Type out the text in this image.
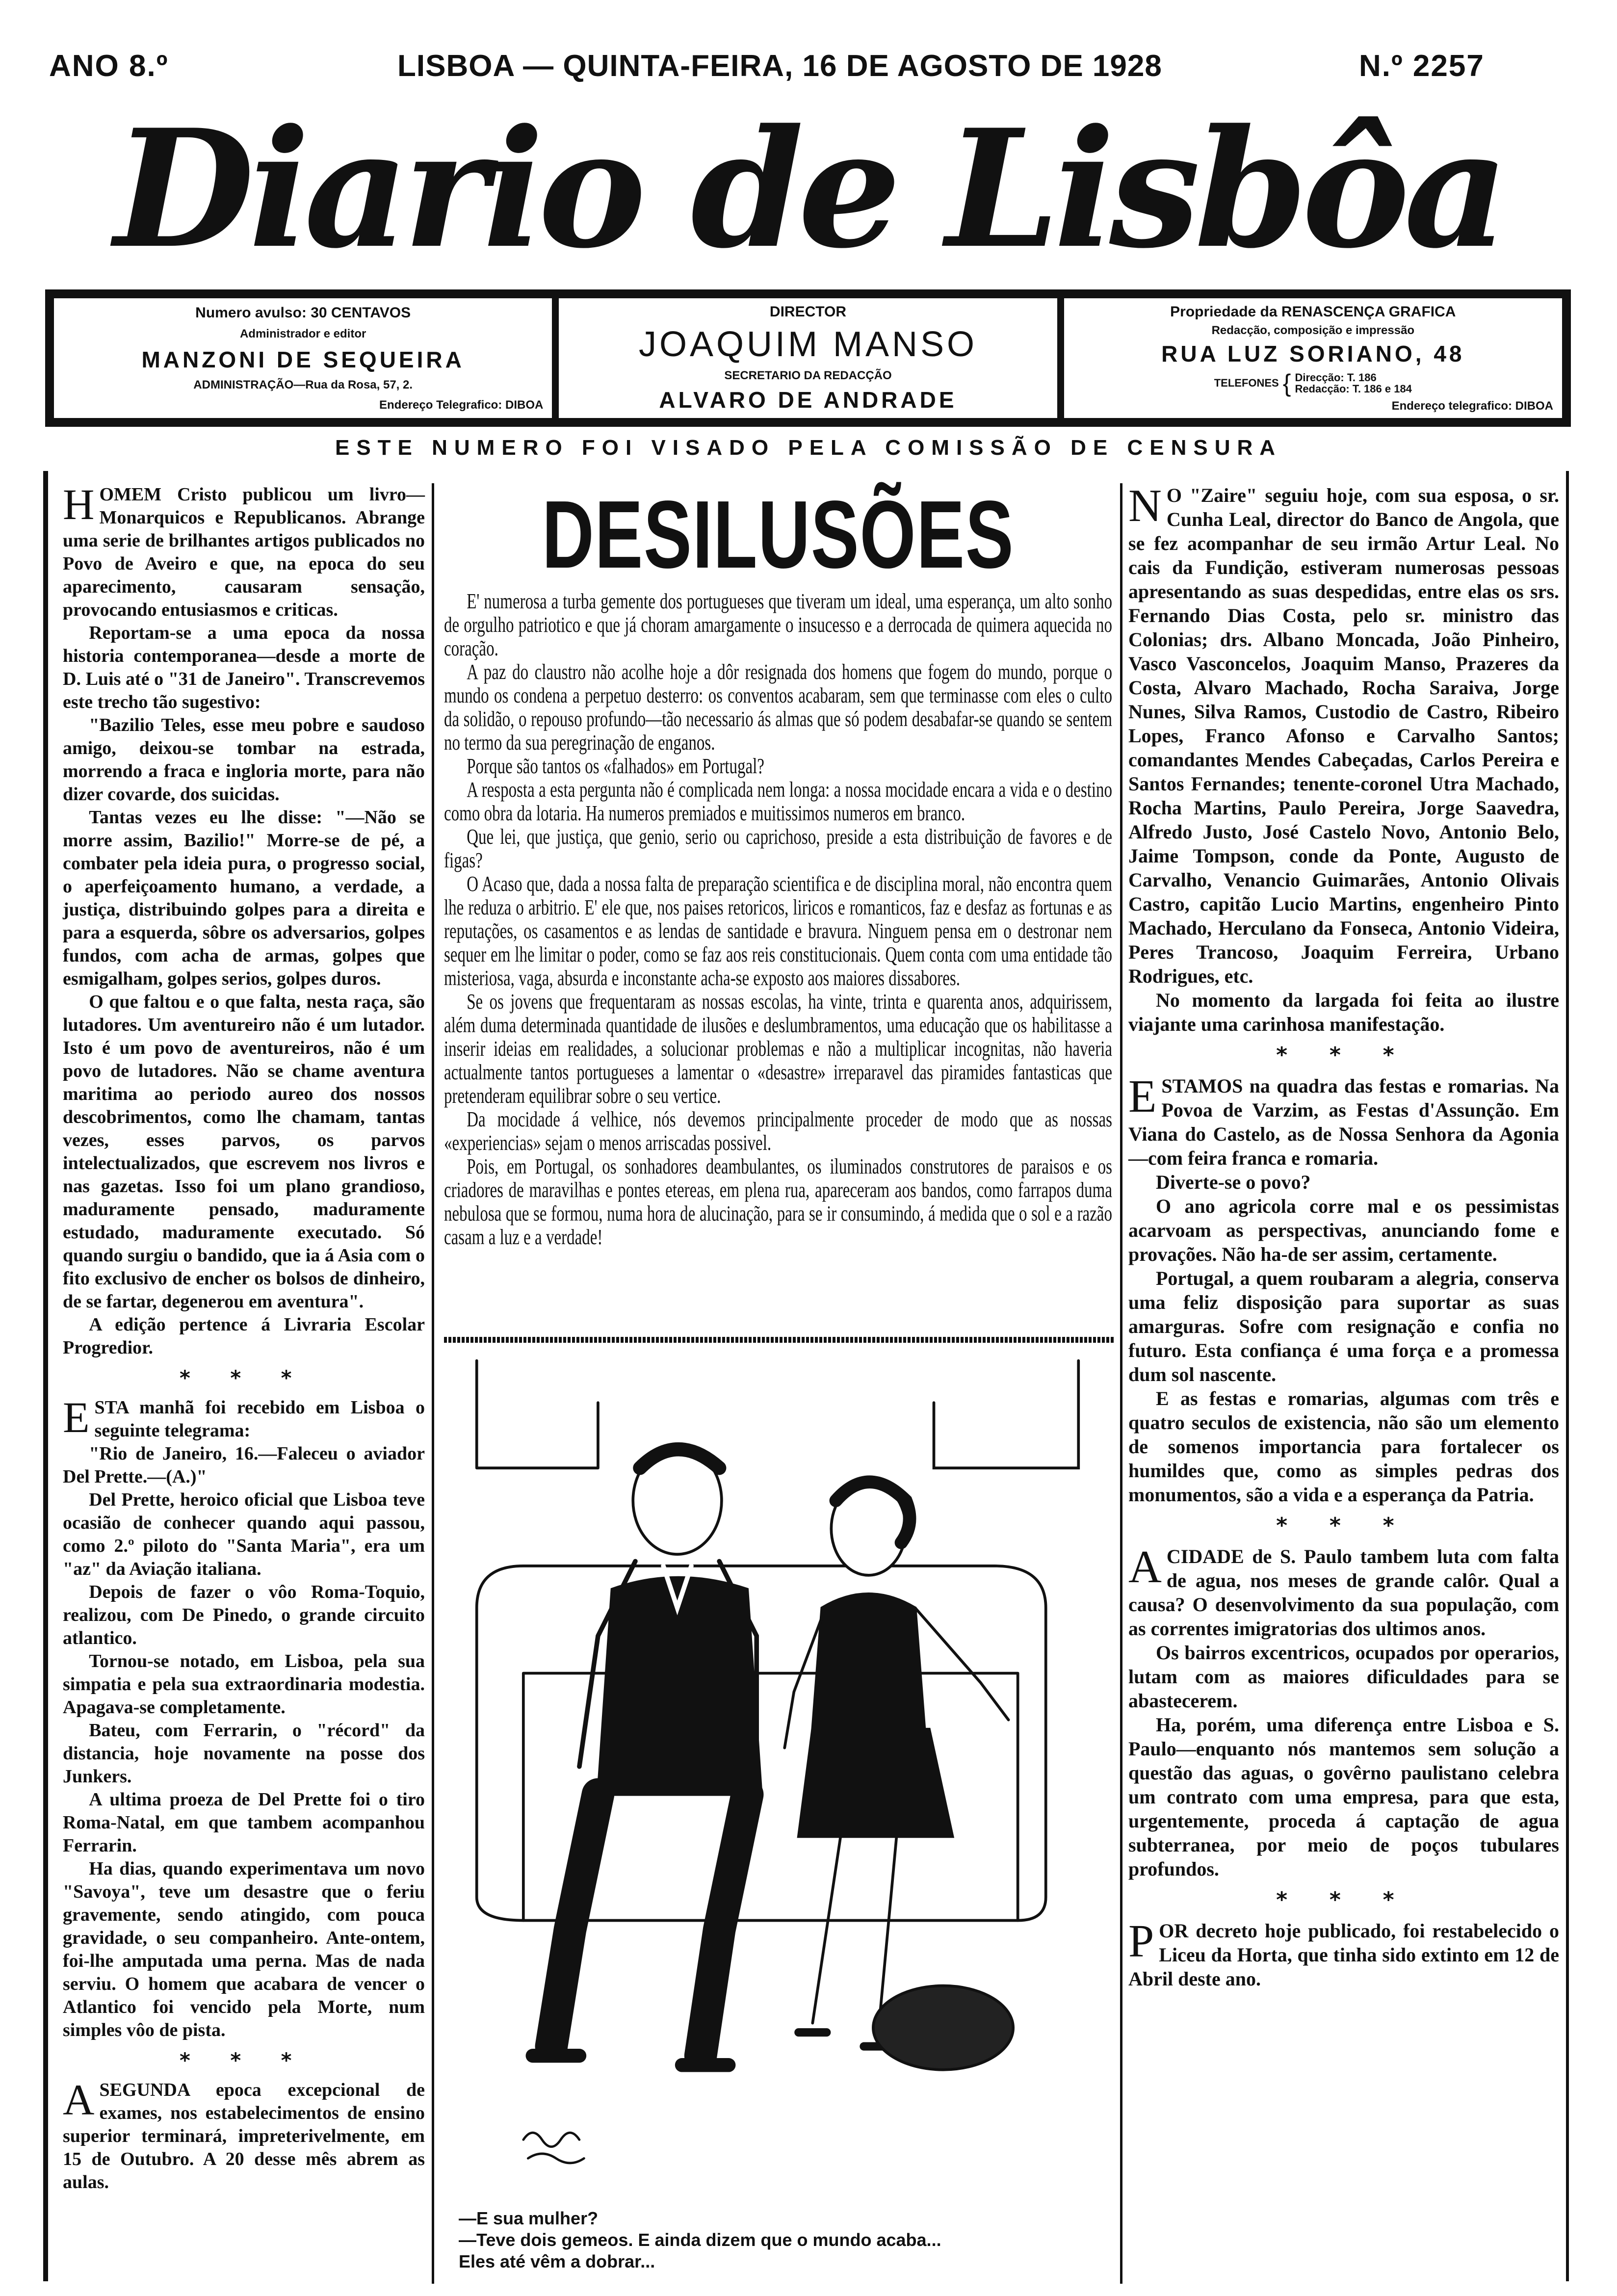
ANO 8.º	LISBOA — QUINTA-FEIRA, 16 DE AGOSTO DE 1928	N.º 2257
Diario de Lisbôa
Numero avulso: 30 CENTAVOS
Administrador e editor
MANZONI DE SEQUEIRA
ADMINISTRAÇÃO—Rua da Rosa, 57, 2.
Endereço Telegrafico: DIBOA
DIRECTOR
JOAQUIM MANSO
SECRETARIO DA REDACÇÃO
ALVARO DE ANDRADE
Propriedade da RENASCENÇA GRAFICA
Redacção, composição e impressão
RUA LUZ SORIANO, 48
TELEFONES { Direcção: T. 186
Redacção: T. 186 e 184
Endereço telegrafico: DIBOA
ESTE NUMERO FOI VISADO PELA COMISSÃO DE CENSURA

HOMEM Cristo publicou um livro—Monarquicos e Republicanos. Abrange uma serie de brilhantes artigos publicados no Povo de Aveiro e que, na epoca do seu aparecimento, causaram sensação, provocando entusiasmos e criticas.

Reportam-se a uma epoca da nossa historia contemporanea—desde a morte de D. Luis até o "31 de Janeiro". Transcrevemos este trecho tão sugestivo:

"Bazilio Teles, esse meu pobre e saudoso amigo, deixou-se tombar na estrada, morrendo a fraca e ingloria morte, para não dizer covarde, dos suicidas.

Tantas vezes eu lhe disse: "—Não se morre assim, Bazilio!" Morre-se de pé, a combater pela ideia pura, o progresso social, o aperfeiçoamento humano, a verdade, a justiça, distribuindo golpes para a direita e para a esquerda, sôbre os adversarios, golpes fundos, com acha de armas, golpes que esmigalham, golpes serios, golpes duros.

O que faltou e o que falta, nesta raça, são lutadores. Um aventureiro não é um lutador. Isto é um povo de aventureiros, não é um povo de lutadores. Não se chame aventura maritima ao periodo aureo dos nossos descobrimentos, como lhe chamam, tantas vezes, esses parvos, os parvos intelectualizados, que escrevem nos livros e nas gazetas. Isso foi um plano grandioso, maduramente pensado, maduramente estudado, maduramente executado. Só quando surgiu o bandido, que ia á Asia com o fito exclusivo de encher os bolsos de dinheiro, de se fartar, degenerou em aventura".

A edição pertence á Livraria Escolar Progredior.

* * *

ESTA manhã foi recebido em Lisboa o seguinte telegrama:

"Rio de Janeiro, 16.—Faleceu o aviador Del Prette.—(A.)"

Del Prette, heroico oficial que Lisboa teve ocasião de conhecer quando aqui passou, como 2.º piloto do "Santa Maria", era um "az" da Aviação italiana.

Depois de fazer o vôo Roma-Toquio, realizou, com De Pinedo, o grande circuito atlantico.

Tornou-se notado, em Lisboa, pela sua simpatia e pela sua extraordinaria modestia. Apagava-se completamente.

Bateu, com Ferrarin, o "récord" da distancia, hoje novamente na posse dos Junkers.

A ultima proeza de Del Prette foi o tiro Roma-Natal, em que tambem acompanhou Ferrarin.

Ha dias, quando experimentava um novo "Savoya", teve um desastre que o feriu gravemente, sendo atingido, com pouca gravidade, o seu companheiro. Ante-ontem, foi-lhe amputada uma perna. Mas de nada serviu. O homem que acabara de vencer o Atlantico foi vencido pela Morte, num simples vôo de pista.

* * *

A SEGUNDA epoca excepcional de exames, nos estabelecimentos de ensino superior terminará, impreterivelmente, em 15 de Outubro. A 20 desse mês abrem as aulas.

DESILUSÕES

E' numerosa a turba gemente dos portugueses que tiveram um ideal, uma esperança, um alto sonho de orgulho patriotico e que já choram amargamente o insucesso e a derrocada de quimera aquecida no coração.

A paz do claustro não acolhe hoje a dôr resignada dos homens que fogem do mundo, porque o mundo os condena a perpetuo desterro: os conventos acabaram, sem que terminasse com eles o culto da solidão, o repouso profundo—tão necessario ás almas que só podem desabafar-se quando se sentem no termo da sua peregrinação de enganos.

Porque são tantos os «falhados» em Portugal?

A resposta a esta pergunta não é complicada nem longa: a nossa mocidade encara a vida e o destino como obra da lotaria. Ha numeros premiados e muitissimos numeros em branco.

Que lei, que justiça, que genio, serio ou caprichoso, preside a esta distribuição de favores e de figas?

O Acaso que, dada a nossa falta de preparação scientifica e de disciplina moral, não encontra quem lhe reduza o arbitrio. E' ele que, nos paises retoricos, liricos e romanticos, faz e desfaz as fortunas e as reputações, os casamentos e as lendas de santidade e bravura. Ninguem pensa em o destronar nem sequer em lhe limitar o poder, como se faz aos reis constitucionais. Quem conta com uma entidade tão misteriosa, vaga, absurda e inconstante acha-se exposto aos maiores dissabores.

Se os jovens que frequentaram as nossas escolas, ha vinte, trinta e quarenta anos, adquirissem, além duma determinada quantidade de ilusões e deslumbramentos, uma educação que os habilitasse a inserir ideias em realidades, a solucionar problemas e não a multiplicar incognitas, não haveria actualmente tantos portugueses a lamentar o «desastre» irreparavel das piramides fantasticas que pretenderam equilibrar sobre o seu vertice.

Da mocidade á velhice, nós devemos principalmente proceder de modo que as nossas «experiencias» sejam o menos arriscadas possivel.

Pois, em Portugal, os sonhadores deambulantes, os iluminados construtores de paraisos e os criadores de maravilhas e pontes etereas, em plena rua, apareceram aos bandos, como farrapos duma nebulosa que se formou, numa hora de alucinação, para se ir consumindo, á medida que o sol e a razão casam a luz e a verdade!

—E sua mulher?
—Teve dois gemeos. E ainda dizem que o mundo acaba...
Eles até vêm a dobrar...

N O "Zaire" seguiu hoje, com sua esposa, o sr. Cunha Leal, director do Banco de Angola, que se fez acompanhar de seu irmão Artur Leal. No cais da Fundição, estiveram numerosas pessoas apresentando as suas despedidas, entre elas os srs. Fernando Dias Costa, pelo sr. ministro das Colonias; drs. Albano Moncada, João Pinheiro, Vasco Vasconcelos, Joaquim Manso, Prazeres da Costa, Alvaro Machado, Rocha Saraiva, Jorge Nunes, Silva Ramos, Custodio de Castro, Ribeiro Lopes, Franco Afonso e Carvalho Santos; comandantes Mendes Cabeçadas, Carlos Pereira e Santos Fernandes; tenente-coronel Utra Machado, Rocha Martins, Paulo Pereira, Jorge Saavedra, Alfredo Justo, José Castelo Novo, Antonio Belo, Jaime Tompson, conde da Ponte, Augusto de Carvalho, Venancio Guimarães, Antonio Olivais Castro, capitão Lucio Martins, engenheiro Pinto Machado, Herculano da Fonseca, Antonio Videira, Peres Trancoso, Joaquim Ferreira, Urbano Rodrigues, etc.

No momento da largada foi feita ao ilustre viajante uma carinhosa manifestação.

* * *

ESTAMOS na quadra das festas e romarias. Na Povoa de Varzim, as Festas d'Assunção. Em Viana do Castelo, as de Nossa Senhora da Agonia—com feira franca e romaria.

Diverte-se o povo?

O ano agricola corre mal e os pessimistas acarvoam as perspectivas, anunciando fome e provações. Não ha-de ser assim, certamente.

Portugal, a quem roubaram a alegria, conserva uma feliz disposição para suportar as suas amarguras. Sofre com resignação e confia no futuro. Esta confiança é uma força e a promessa dum sol nascente.

E as festas e romarias, algumas com três e quatro seculos de existencia, não são um elemento de somenos importancia para fortalecer os humildes que, como as simples pedras dos monumentos, são a vida e a esperança da Patria.

* * *

A CIDADE de S. Paulo tambem luta com falta de agua, nos meses de grande calôr. Qual a causa? O desenvolvimento da sua população, com as correntes imigratorias dos ultimos anos.

Os bairros excentricos, ocupados por operarios, lutam com as maiores dificuldades para se abastecerem.

Ha, porém, uma diferença entre Lisboa e S. Paulo—enquanto nós mantemos sem solução a questão das aguas, o govêrno paulistano celebra um contrato com uma empresa, para que esta, urgentemente, proceda á captação de agua subterranea, por meio de poços tubulares profundos.

* * *

POR decreto hoje publicado, foi restabelecido o Liceu da Horta, que tinha sido extinto em 12 de Abril deste ano.
